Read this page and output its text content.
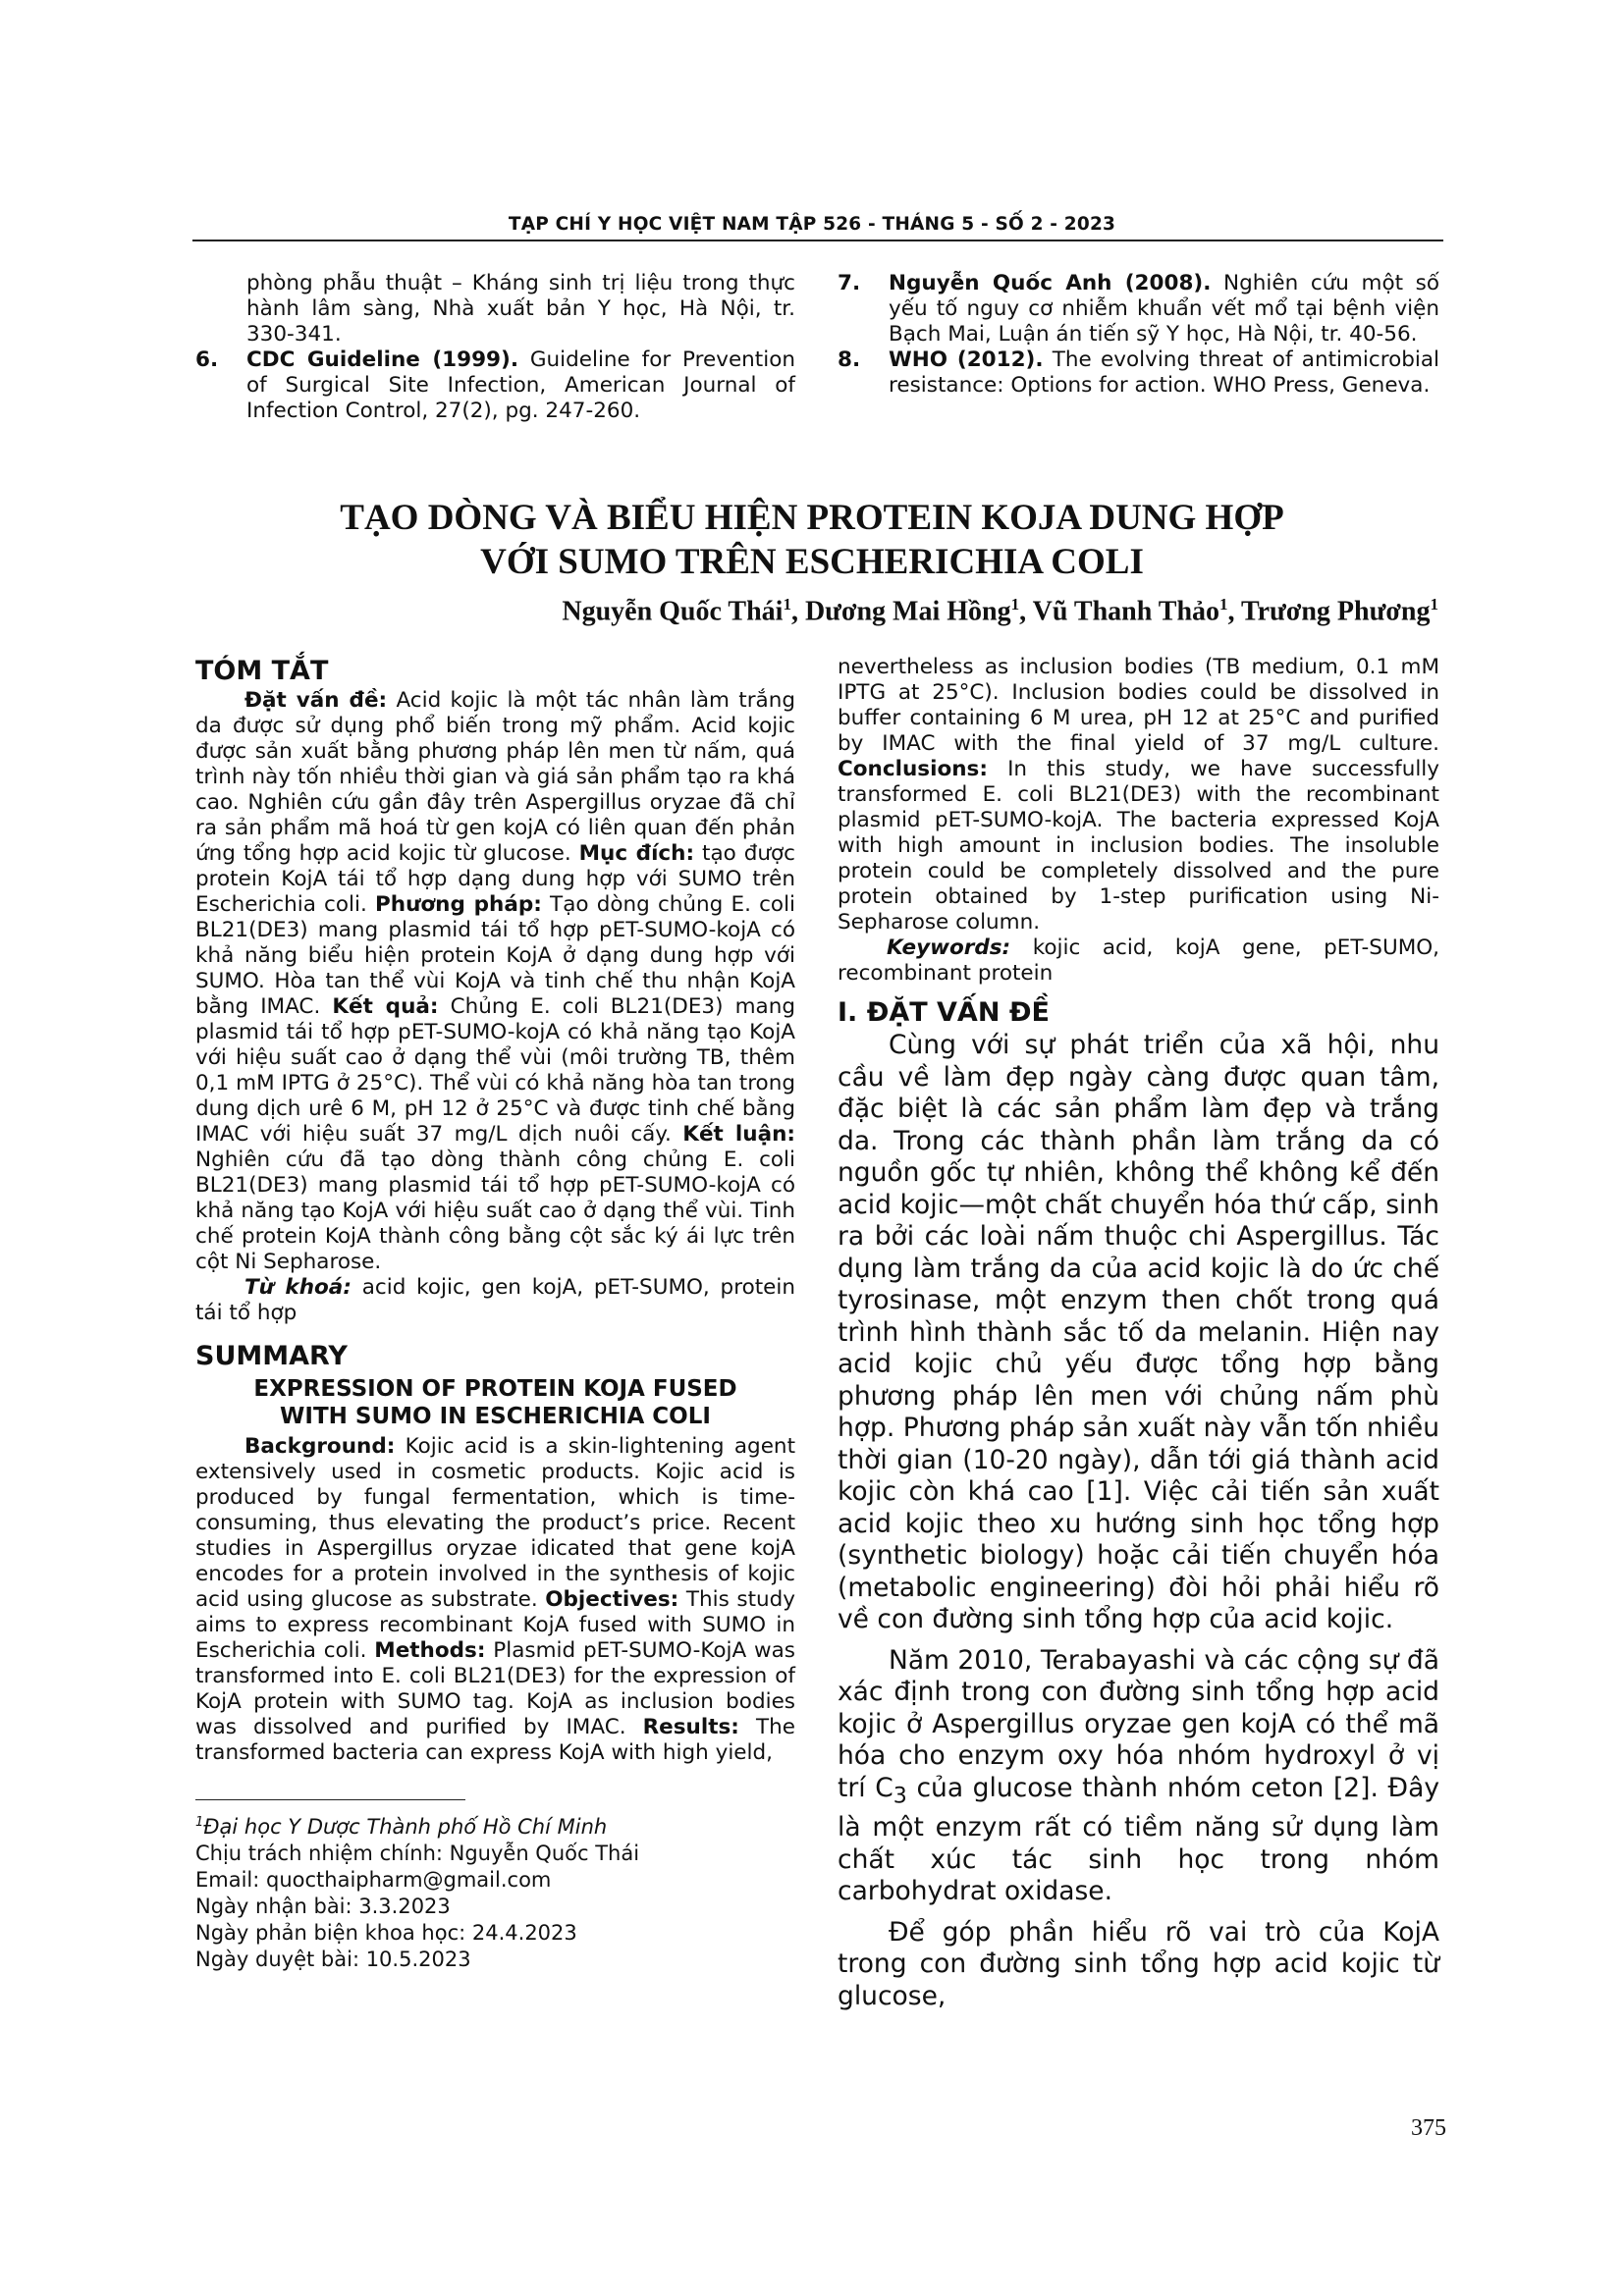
TẠP CHÍ Y HỌC VIỆT NAM TẬP 526 - THÁNG 5 - SỐ 2 - 2023
phòng phẫu thuật – Kháng sinh trị liệu trong thực hành lâm sàng, Nhà xuất bản Y học, Hà Nội, tr. 330-341.
6. CDC Guideline (1999). Guideline for Prevention of Surgical Site Infection, American Journal of Infection Control, 27(2), pg. 247-260.
7. Nguyễn Quốc Anh (2008). Nghiên cứu một số yếu tố nguy cơ nhiễm khuẩn vết mổ tại bệnh viện Bạch Mai, Luận án tiến sỹ Y học, Hà Nội, tr. 40-56.
8. WHO (2012). The evolving threat of antimicrobial resistance: Options for action. WHO Press, Geneva.
TẠO DÒNG VÀ BIỂU HIỆN PROTEIN KOJA DUNG HỢP
VỚI SUMO TRÊN ESCHERICHIA COLI
Nguyễn Quốc Thái$^1$, Dương Mai Hồng$^1$, Vũ Thanh Thảo$^1$, Trương Phương$^1$
TÓM TẮT

Đặt vấn đề: Acid kojic là một tác nhân làm trắng da được sử dụng phổ biến trong mỹ phẩm. Acid kojic được sản xuất bằng phương pháp lên men từ nấm, quá trình này tốn nhiều thời gian và giá sản phẩm tạo ra khá cao. Nghiên cứu gần đây trên Aspergillus oryzae đã chỉ ra sản phẩm mã hoá từ gen kojA có liên quan đến phản ứng tổng hợp acid kojic từ glucose. Mục đích: tạo được protein KojA tái tổ hợp dạng dung hợp với SUMO trên Escherichia coli. Phương pháp: Tạo dòng chủng E. coli BL21(DE3) mang plasmid tái tổ hợp pET-SUMO-kojA có khả năng biểu hiện protein KojA ở dạng dung hợp với SUMO. Hòa tan thể vùi KojA và tinh chế thu nhận KojA bằng IMAC. Kết quả: Chủng E. coli BL21(DE3) mang plasmid tái tổ hợp pET-SUMO-kojA có khả năng tạo KojA với hiệu suất cao ở dạng thể vùi (môi trường TB, thêm 0,1 mM IPTG ở 25°C). Thể vùi có khả năng hòa tan trong dung dịch urê 6 M, pH 12 ở 25°C và được tinh chế bằng IMAC với hiệu suất 37 mg/L dịch nuôi cấy. Kết luận: Nghiên cứu đã tạo dòng thành công chủng E. coli BL21(DE3) mang plasmid tái tổ hợp pET-SUMO-kojA có khả năng tạo KojA với hiệu suất cao ở dạng thể vùi. Tinh chế protein KojA thành công bằng cột sắc ký ái lực trên cột Ni Sepharose.

Từ khoá: acid kojic, gen kojA, pET-SUMO, protein tái tổ hợp

SUMMARY
EXPRESSION OF PROTEIN KOJA FUSED
WITH SUMO IN ESCHERICHIA COLI

Background: Kojic acid is a skin-lightening agent extensively used in cosmetic products. Kojic acid is produced by fungal fermentation, which is time-consuming, thus elevating the product’s price. Recent studies in Aspergillus oryzae idicated that gene kojA encodes for a protein involved in the synthesis of kojic acid using glucose as substrate. Objectives: This study aims to express recombinant KojA fused with SUMO in Escherichia coli. Methods: Plasmid pET-SUMO-KojA was transformed into E. coli BL21(DE3) for the expression of KojA protein with SUMO tag. KojA as inclusion bodies was dissolved and purified by IMAC. Results: The transformed bacteria can express KojA with high yield,

$^1$Đại học Y Dược Thành phố Hồ Chí Minh
Chịu trách nhiệm chính: Nguyễn Quốc Thái
Email: quocthaipharm@gmail.com
Ngày nhận bài: 3.3.2023
Ngày phản biện khoa học: 24.4.2023
Ngày duyệt bài: 10.5.2023
375

nevertheless as inclusion bodies (TB medium, 0.1 mM IPTG at 25°C). Inclusion bodies could be dissolved in buffer containing 6 M urea, pH 12 at 25°C and purified by IMAC with the final yield of 37 mg/L culture. Conclusions: In this study, we have successfully transformed E. coli BL21(DE3) with the recombinant plasmid pET-SUMO-kojA. The bacteria expressed KojA with high amount in inclusion bodies. The insoluble protein could be completely dissolved and the pure protein obtained by 1-step purification using Ni-Sepharose column.

Keywords: kojic acid, kojA gene, pET-SUMO, recombinant protein

I. ĐẶT VẤN ĐỀ

Cùng với sự phát triển của xã hội, nhu cầu về làm đẹp ngày càng được quan tâm, đặc biệt là các sản phẩm làm đẹp và trắng da. Trong các thành phần làm trắng da có nguồn gốc tự nhiên, không thể không kể đến acid kojic—một chất chuyển hóa thứ cấp, sinh ra bởi các loài nấm thuộc chi Aspergillus. Tác dụng làm trắng da của acid kojic là do ức chế tyrosinase, một enzym then chốt trong quá trình hình thành sắc tố da melanin. Hiện nay acid kojic chủ yếu được tổng hợp bằng phương pháp lên men với chủng nấm phù hợp. Phương pháp sản xuất này vẫn tốn nhiều thời gian (10-20 ngày), dẫn tới giá thành acid kojic còn khá cao [1]. Việc cải tiến sản xuất acid kojic theo xu hướng sinh học tổng hợp (synthetic biology) hoặc cải tiến chuyển hóa (metabolic engineering) đòi hỏi phải hiểu rõ về con đường sinh tổng hợp của acid kojic.

Năm 2010, Terabayashi và các cộng sự đã xác định trong con đường sinh tổng hợp acid kojic ở Aspergillus oryzae gen kojA có thể mã hóa cho enzym oxy hóa nhóm hydroxyl ở vị trí $C_3$ của glucose thành nhóm ceton [2]. Đây là một enzym rất có tiềm năng sử dụng làm chất xúc tác sinh học trong nhóm carbohydrat oxidase.

Để góp phần hiểu rõ vai trò của KojA trong con đường sinh tổng hợp acid kojic từ glucose,
